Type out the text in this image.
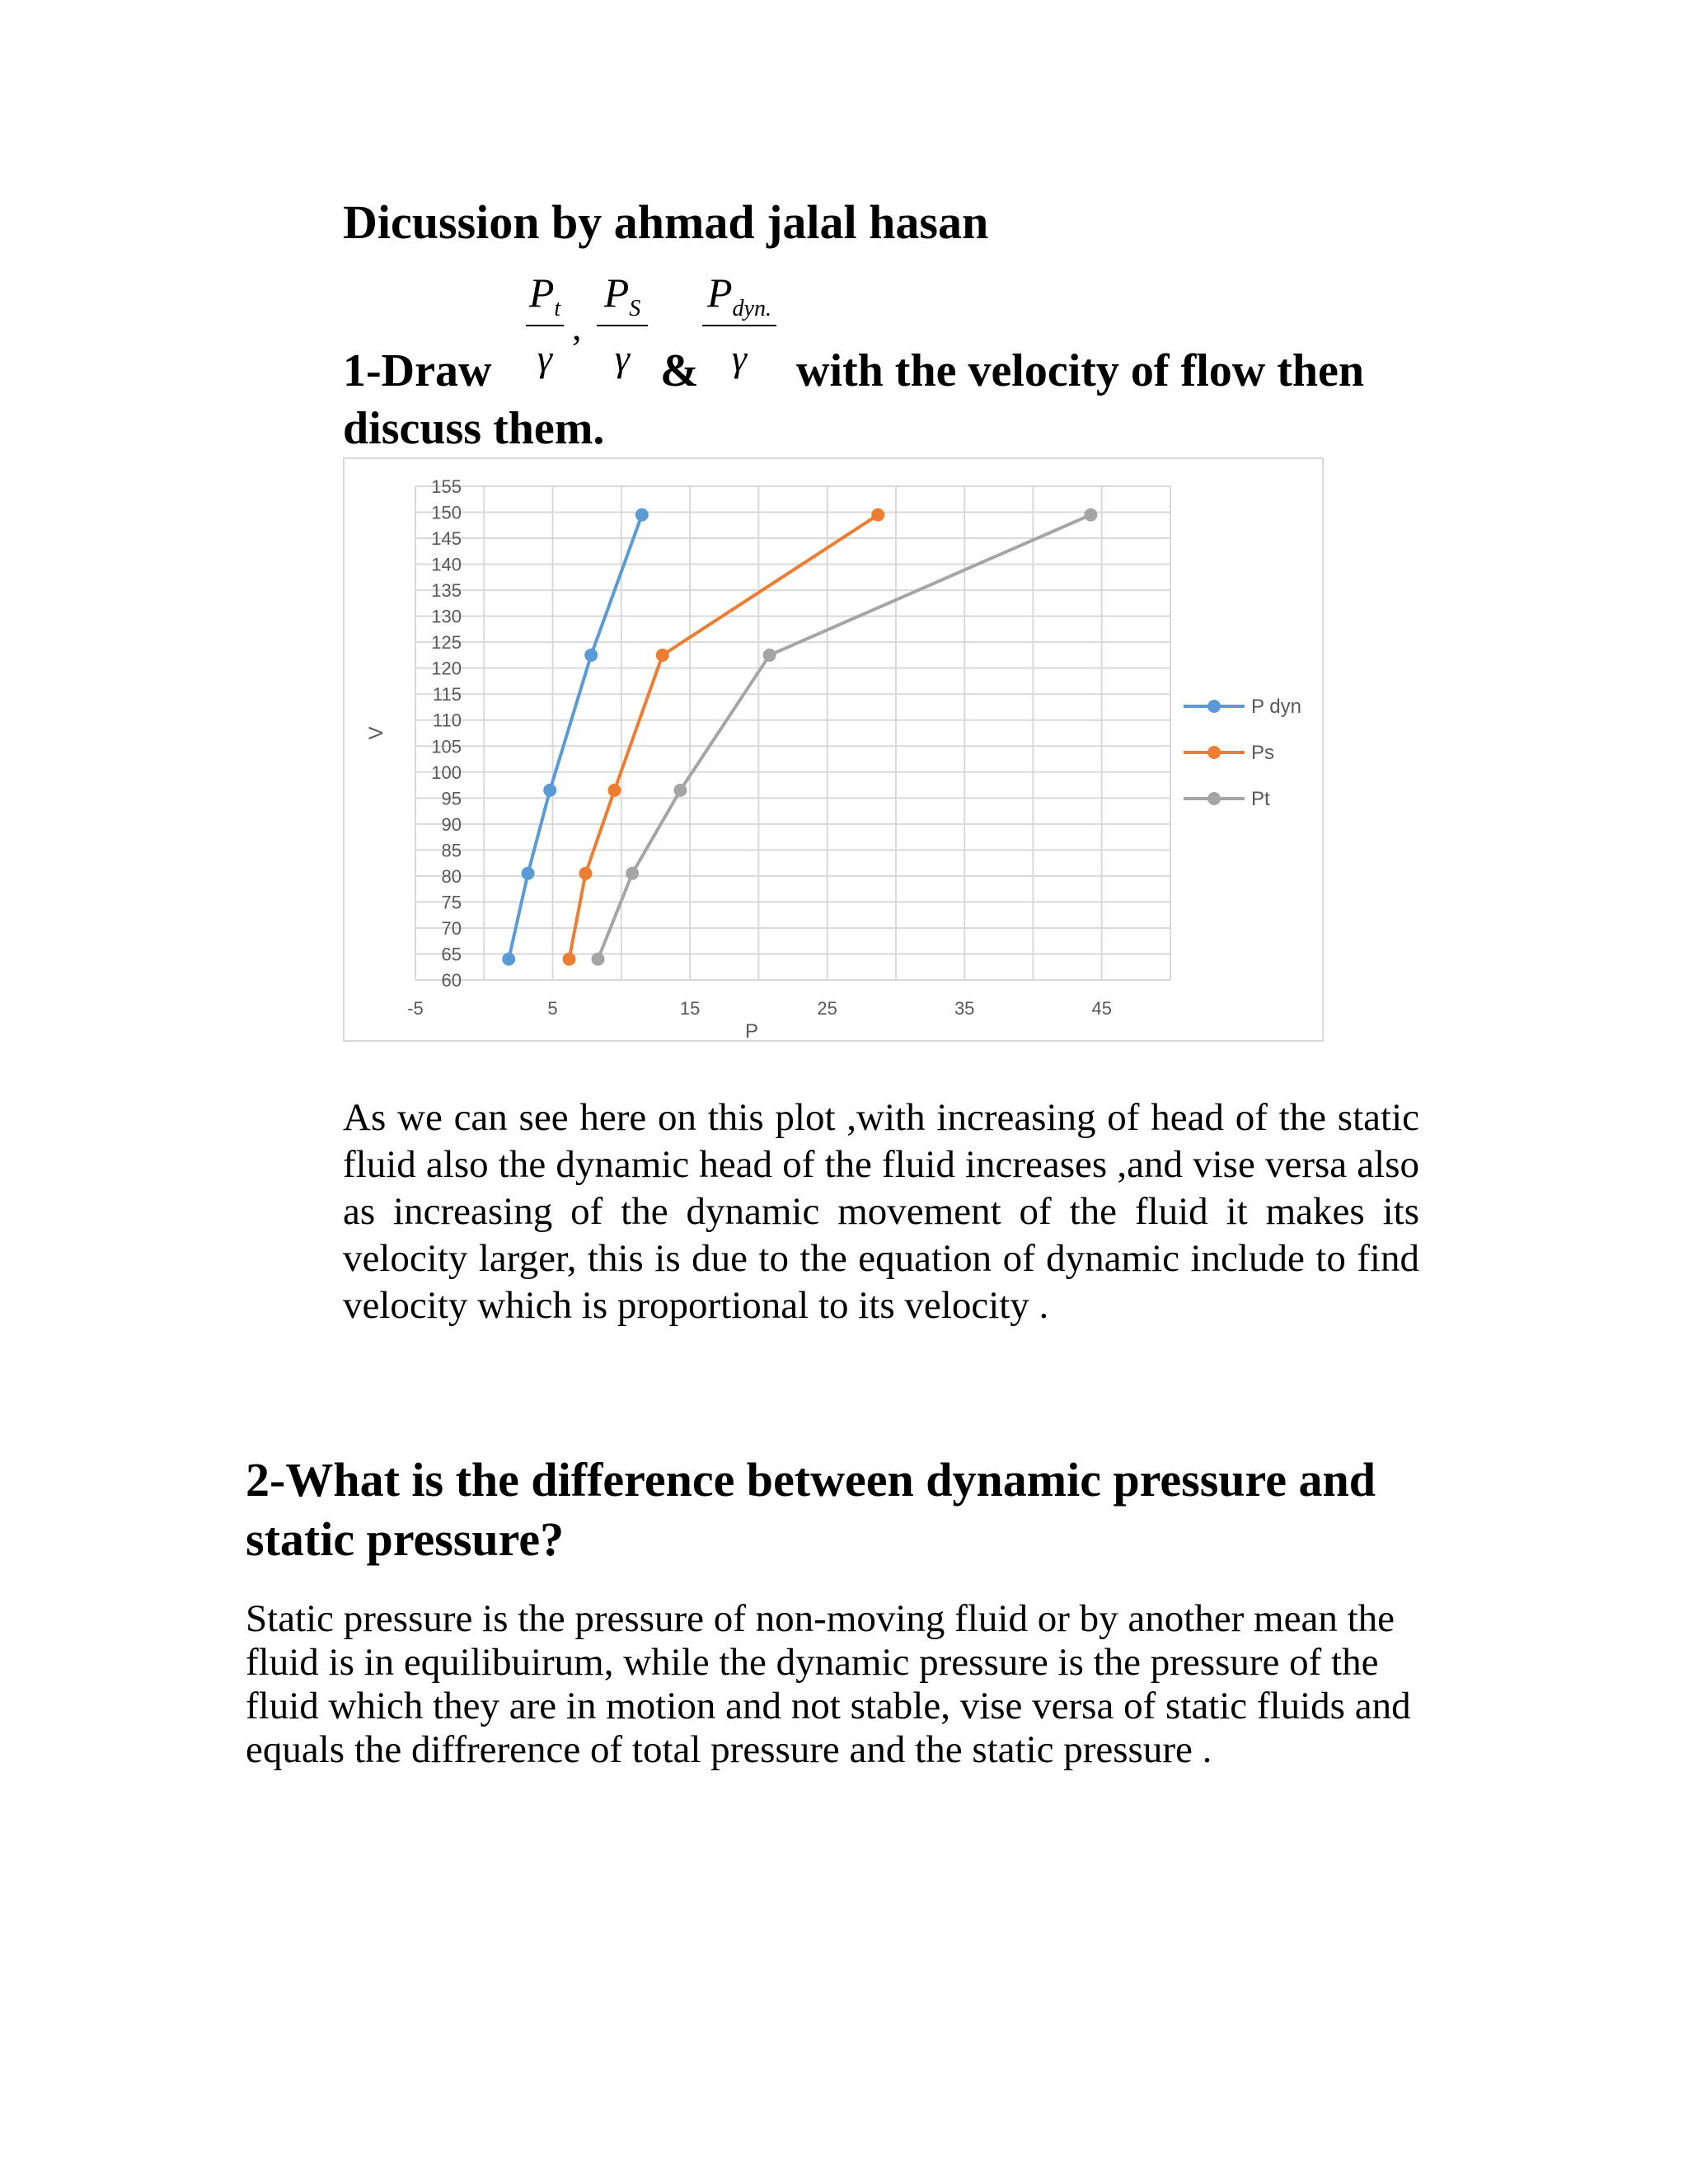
Dicussion by ahmad jalal hasan
1-Draw
$P_t$
γ
,
$P_S$
γ &
$P_{dyn.}$
γ	with the velocity of flow then
discuss them.
155
150
145
140
135
130
125
120
115
110
105
100
95
90
85
80
75
70
65
60
-5	5	15	25	35	45
P
V
P dyn
Ps
Pt

As we can see here on this plot ,with increasing of head of the static fluid also the dynamic head of the fluid increases ,and vise versa also as increasing of the dynamic movement of the fluid it makes its velocity larger, this is due to the equation of dynamic include to find velocity which is proportional to its velocity .

2-What is the difference between dynamic pressure and static pressure?

Static pressure is the pressure of non-moving fluid or by another mean the fluid is in equilibuirum, while the dynamic pressure is the pressure of the fluid which they are in motion and not stable, vise versa of static fluids and equals the diffrerence of total pressure and the static pressure .
